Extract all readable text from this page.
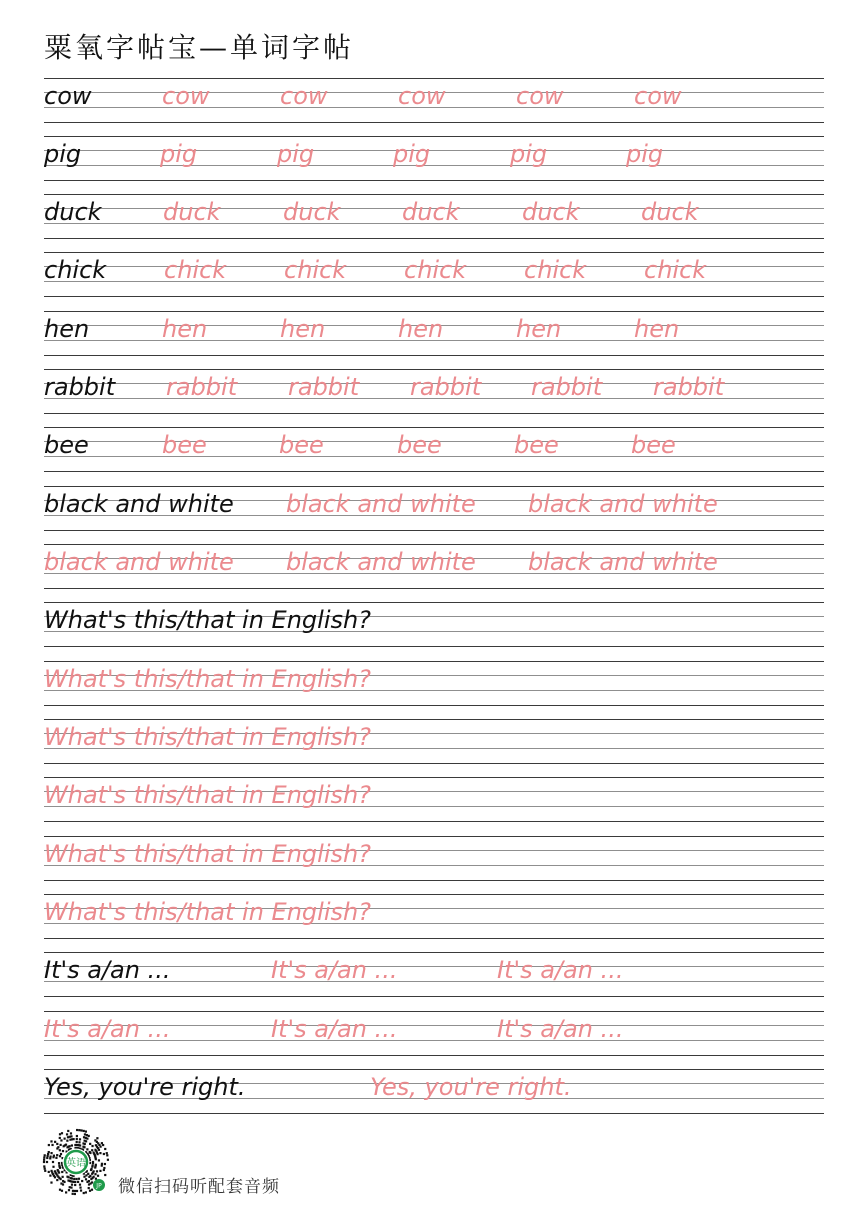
粟氧字帖宝—单词字帖
cow	cow	cow	cow	cow	cow
pig	pig	pig	pig	pig	pig
duck	duck	duck	duck	duck	duck
chick chick chick chick chick chick
hen	hen	hen	hen	hen	hen
rabbit rabbit rabbit rabbit rabbit rabbit
bee	bee	bee	bee	bee	bee
black and white black and white black and white
black and white black and white black and white
What's this/that in English?
What's this/that in English?
What's this/that in English?
What's this/that in English?
What's this/that in English?
What's this/that in English?
It's a/an ...	It's a/an ...	It's a/an ...
It's a/an ...	It's a/an ...	It's a/an ...
Yes, you're right.	Yes, you're right.
英语
JP 微信扫码听配套音频
